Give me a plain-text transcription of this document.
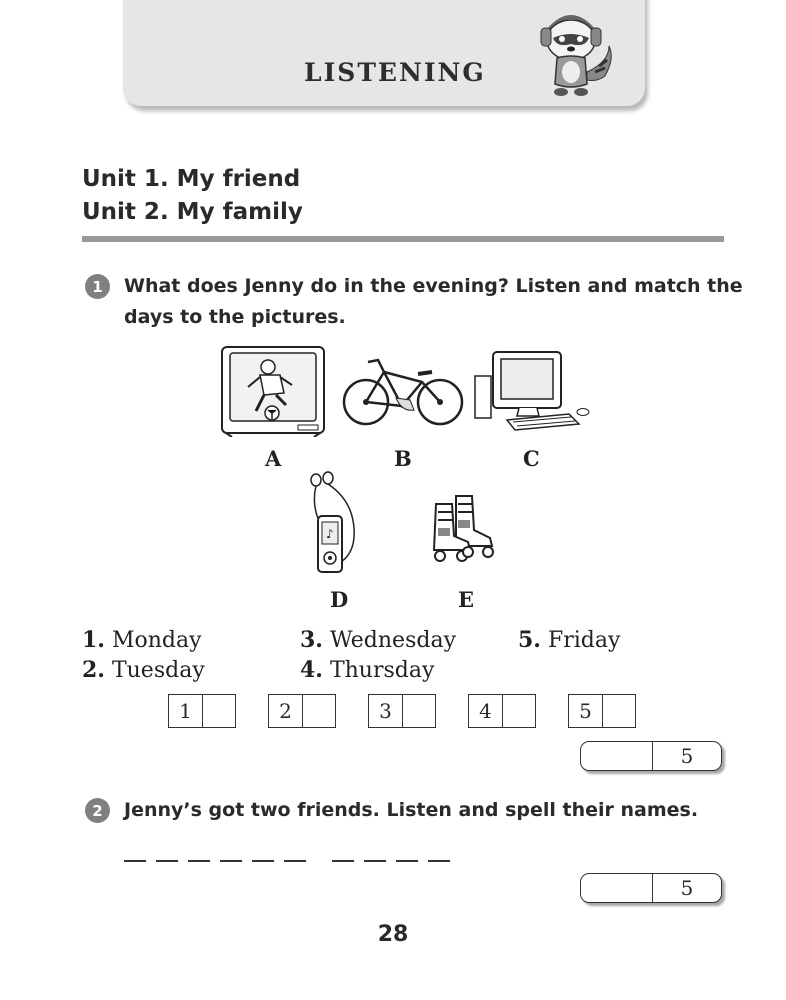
LISTENING
Unit 1. My friend
Unit 2. My family
1	What does Jenny do in the evening? Listen and match the
days to the pictures.
A	B	C
♪
D	E
1. Monday
2. Tuesday
3. Wednesday
4. Thursday
5. Friday
1	2	3	4	5
5
2	Jenny’s got two friends. Listen and spell their names.
5
28
